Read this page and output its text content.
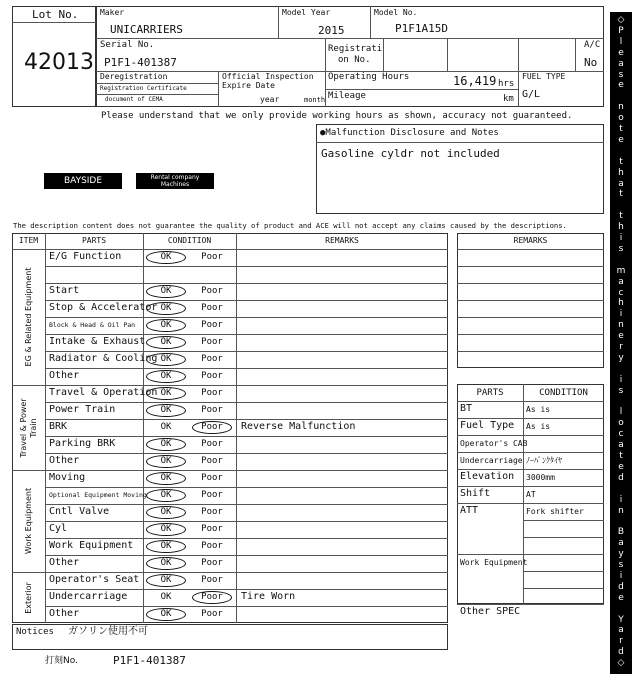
Lot No.
42013
Maker
UNICARRIERS
Model Year
2015
Model No.
P1F1A15D
Serial No.
P1F1-401387
Registrati
on No.
A/C
No
Deregistration
Registration Certificate
document of CEMA
Official Inspection
Expire Date
year	month
Operating Hours	16,419 hrs
Mileage	km
FUEL TYPE
G/L
Please understand that we only provide working hours as shown, accuracy not guaranteed.
●Malfunction Disclosure and Notes
Gasoline cyldr not included
BAYSIDE	Rental company
Machines
The description content does not guarantee the quality of product and ACE will not accept any claims caused by the descriptions.
ITEM	PARTS	CONDITION	REMARKS
E/G Function	OK	Poor
Start	OK	Poor
Stop & Accelerator OK	Poor
Block & Head & Oil Pan	OK	Poor
Intake & Exhaust	OK	Poor
Radiator & Cooling OK	Poor
Other	OK	Poor
Travel & Operation OK	Poor
Power Train	OK	Poor
BRK	OK	Poor	Reverse Malfunction
Parking BRK	OK	Poor
Other	OK	Poor
Moving	OK	Poor
Optional Equipment Moving	OK	Poor
Cntl Valve	OK	Poor
Cyl	OK	Poor
Work Equipment	OK	Poor
Other	OK	Poor
Operator's Seat	OK	Poor
Undercarriage	OK	Poor	Tire Worn
Other	OK	Poor
EG & Related Equipment
Travel & Power Train
Work Equipment
Exterior
REMARKS
PARTS	CONDITION
BT	As is
Fuel Type As is
Operator's CAB
Undercarriage ﾉｰﾊﾟﾝｸﾀｲﾔ
Elevation 3000mm
Shift	AT
ATT	Fork shifter
Work Equipment
Other SPEC
Notices ガソリン使用不可
打刻No.	P1F1-401387
◇
P
l
e
a
s
e
n
o
t
e
t
h
a
t
t
h
i
s
m
a
c
h
i
n
e
r
y
i
s
l
o
c
a
t
e
d
i
n
B
a
y
s
i
d
e
Y
a
r
d
◇
